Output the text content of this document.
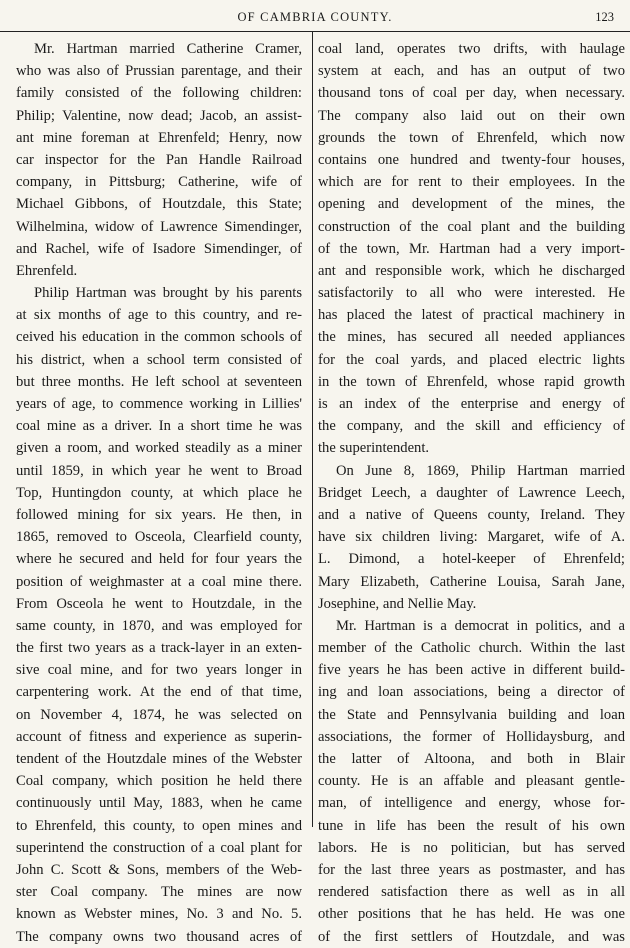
OF CAMBRIA COUNTY.	123
Mr. Hartman married Catherine Cramer,
who was also of Prussian parentage, and their
family consisted of the following children:
Philip; Valentine, now dead; Jacob, an assist-
ant mine foreman at Ehrenfeld; Henry, now
car inspector for the Pan Handle Railroad
company, in Pittsburg; Catherine, wife of
Michael Gibbons, of Houtzdale, this State;
Wilhelmina, widow of Lawrence Simendinger,
and Rachel, wife of Isadore Simendinger, of
Ehrenfeld.
Philip Hartman was brought by his parents
at six months of age to this country, and re-
ceived his education in the common schools of
his district, when a school term consisted of
but three months. He left school at seventeen
years of age, to commence working in Lillies'
coal mine as a driver. In a short time he was
given a room, and worked steadily as a miner
until 1859, in which year he went to Broad
Top, Huntingdon county, at which place he
followed mining for six years. He then, in
1865, removed to Osceola, Clearfield county,
where he secured and held for four years the
position of weighmaster at a coal mine there.
From Osceola he went to Houtzdale, in the
same county, in 1870, and was employed for
the first two years as a track-layer in an exten-
sive coal mine, and for two years longer in
carpentering work. At the end of that time,
on November 4, 1874, he was selected on
account of fitness and experience as superin-
tendent of the Houtzdale mines of the Webster
Coal company, which position he held there
continuously until May, 1883, when he came
to Ehrenfeld, this county, to open mines and
superintend the construction of a coal plant for
John C. Scott & Sons, members of the Web-
ster Coal company. The mines are now
known as Webster mines, No. 3 and No. 5.
The company owns two thousand acres of
coal land, operates two drifts, with haulage
system at each, and has an output of two
thousand tons of coal per day, when necessary.
The company also laid out on their own
grounds the town of Ehrenfeld, which now
contains one hundred and twenty-four houses,
which are for rent to their employees. In the
opening and development of the mines, the
construction of the coal plant and the building
of the town, Mr. Hartman had a very import-
ant and responsible work, which he discharged
satisfactorily to all who were interested. He
has placed the latest of practical machinery in
the mines, has secured all needed appliances
for the coal yards, and placed electric lights
in the town of Ehrenfeld, whose rapid growth
is an index of the enterprise and energy of
the company, and the skill and efficiency of
the superintendent.
On June 8, 1869, Philip Hartman married
Bridget Leech, a daughter of Lawrence Leech,
and a native of Queens county, Ireland. They
have six children living: Margaret, wife of A.
L. Dimond, a hotel-keeper of Ehrenfeld;
Mary Elizabeth, Catherine Louisa, Sarah Jane,
Josephine, and Nellie May.
Mr. Hartman is a democrat in politics, and a
member of the Catholic church. Within the last
five years he has been active in different build-
ing and loan associations, being a director of
the State and Pennsylvania building and loan
associations, the former of Hollidaysburg, and
the latter of Altoona, and both in Blair
county. He is an affable and pleasant gentle-
man, of intelligence and energy, whose for-
tune in life has been the result of his own
labors. He is no politician, but has served
for the last three years as postmaster, and has
rendered satisfaction there as well as in all
other positions that he has held. He was one
of the first settlers of Houtzdale, and was
